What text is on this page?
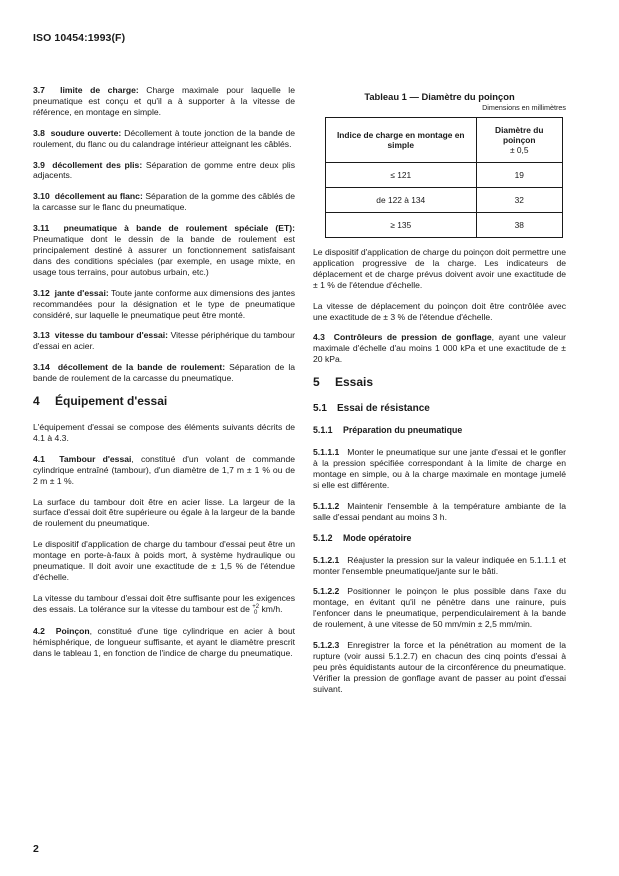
ISO 10454:1993(F)

3.7 limite de charge: Charge maximale pour laquelle le pneumatique est conçu et qu'il a à supporter à la vitesse de référence, en montage en simple.

3.8 soudure ouverte: Décollement à toute jonction de la bande de roulement, du flanc ou du calandrage intérieur atteignant les câblés.

3.9 décollement des plis: Séparation de gomme entre deux plis adjacents.

3.10 décollement au flanc: Séparation de la gomme des câblés de la carcasse sur le flanc du pneumatique.

3.11 pneumatique à bande de roulement spéciale (ET): Pneumatique dont le dessin de la bande de roulement est principalement destiné à assurer un fonctionnement satisfaisant dans des conditions spéciales (par exemple, en usage mixte, en usage tous terrains, pour autobus urbain, etc.)

3.12 jante d'essai: Toute jante conforme aux dimensions des jantes recommandées pour la désignation et le type de pneumatique considéré, sur laquelle le pneumatique peut être monté.

3.13 vitesse du tambour d'essai: Vitesse périphérique du tambour d'essai en acier.

3.14 décollement de la bande de roulement: Séparation de la bande de roulement de la carcasse du pneumatique.

4 Équipement d'essai

L'équipement d'essai se compose des éléments suivants décrits de 4.1 à 4.3.

4.1 Tambour d'essai, constitué d'un volant de commande cylindrique entraîné (tambour), d'un diamètre de 1,7 m ± 1 % ou de 2 m ± 1 %.

La surface du tambour doit être en acier lisse. La largeur de la surface d'essai doit être supérieure ou égale à la largeur de la bande de roulement du pneumatique.

Le dispositif d'application de charge du tambour d'essai peut être un montage en porte-à-faux à poids mort, à système hydraulique ou pneumatique. Il doit avoir une exactitude de ± 1,5 % de l'étendue d'échelle.

La vitesse du tambour d'essai doit être suffisante pour les exigences des essais. La tolérance sur la vitesse du tambour est de +2
0 km/h.

4.2 Poinçon, constitué d'une tige cylindrique en acier à bout hémisphérique, de longueur suffisante, et ayant le diamètre prescrit dans le tableau 1, en fonction de l'indice de charge du pneumatique.

Tableau 1 — Diamètre du poinçon
Dimensions en millimètres
Indice de charge en montage en simple	Diamètre du poinçon
± 0,5

≤ 121	19
de 122 à 134	32
≥ 135	38

Le dispositif d'application de charge du poinçon doit permettre une application progressive de la charge. Les indicateurs de déplacement et de charge prévus doivent avoir une exactitude de ± 1 % de l'étendue d'échelle.

La vitesse de déplacement du poinçon doit être contrôlée avec une exactitude de ± 3 % de l'étendue d'échelle.

4.3 Contrôleurs de pression de gonflage, ayant une valeur maximale d'échelle d'au moins 1 000 kPa et une exactitude de ± 20 kPa.

5 Essais
5.1 Essai de résistance
5.1.1 Préparation du pneumatique

5.1.1.1 Monter le pneumatique sur une jante d'essai et le gonfler à la pression spécifiée correspondant à la limite de charge en montage en simple, ou à la charge maximale en montage jumelé si elle est différente.

5.1.1.2 Maintenir l'ensemble à la température ambiante de la salle d'essai pendant au moins 3 h.

5.1.2 Mode opératoire

5.1.2.1 Réajuster la pression sur la valeur indiquée en 5.1.1.1 et monter l'ensemble pneumatique/jante sur le bâti.

5.1.2.2 Positionner le poinçon le plus possible dans l'axe du montage, en évitant qu'il ne pénètre dans une rainure, puis l'enfoncer dans le pneumatique, perpendiculairement à la bande de roulement, à une vitesse de 50 mm/min ± 2,5 mm/min.

5.1.2.3 Enregistrer la force et la pénétration au moment de la rupture (voir aussi 5.1.2.7) en chacun des cinq points d'essai à peu près équidistants autour de la circonférence du pneumatique. Vérifier la pression de gonflage avant de passer au point d'essai suivant.

2
